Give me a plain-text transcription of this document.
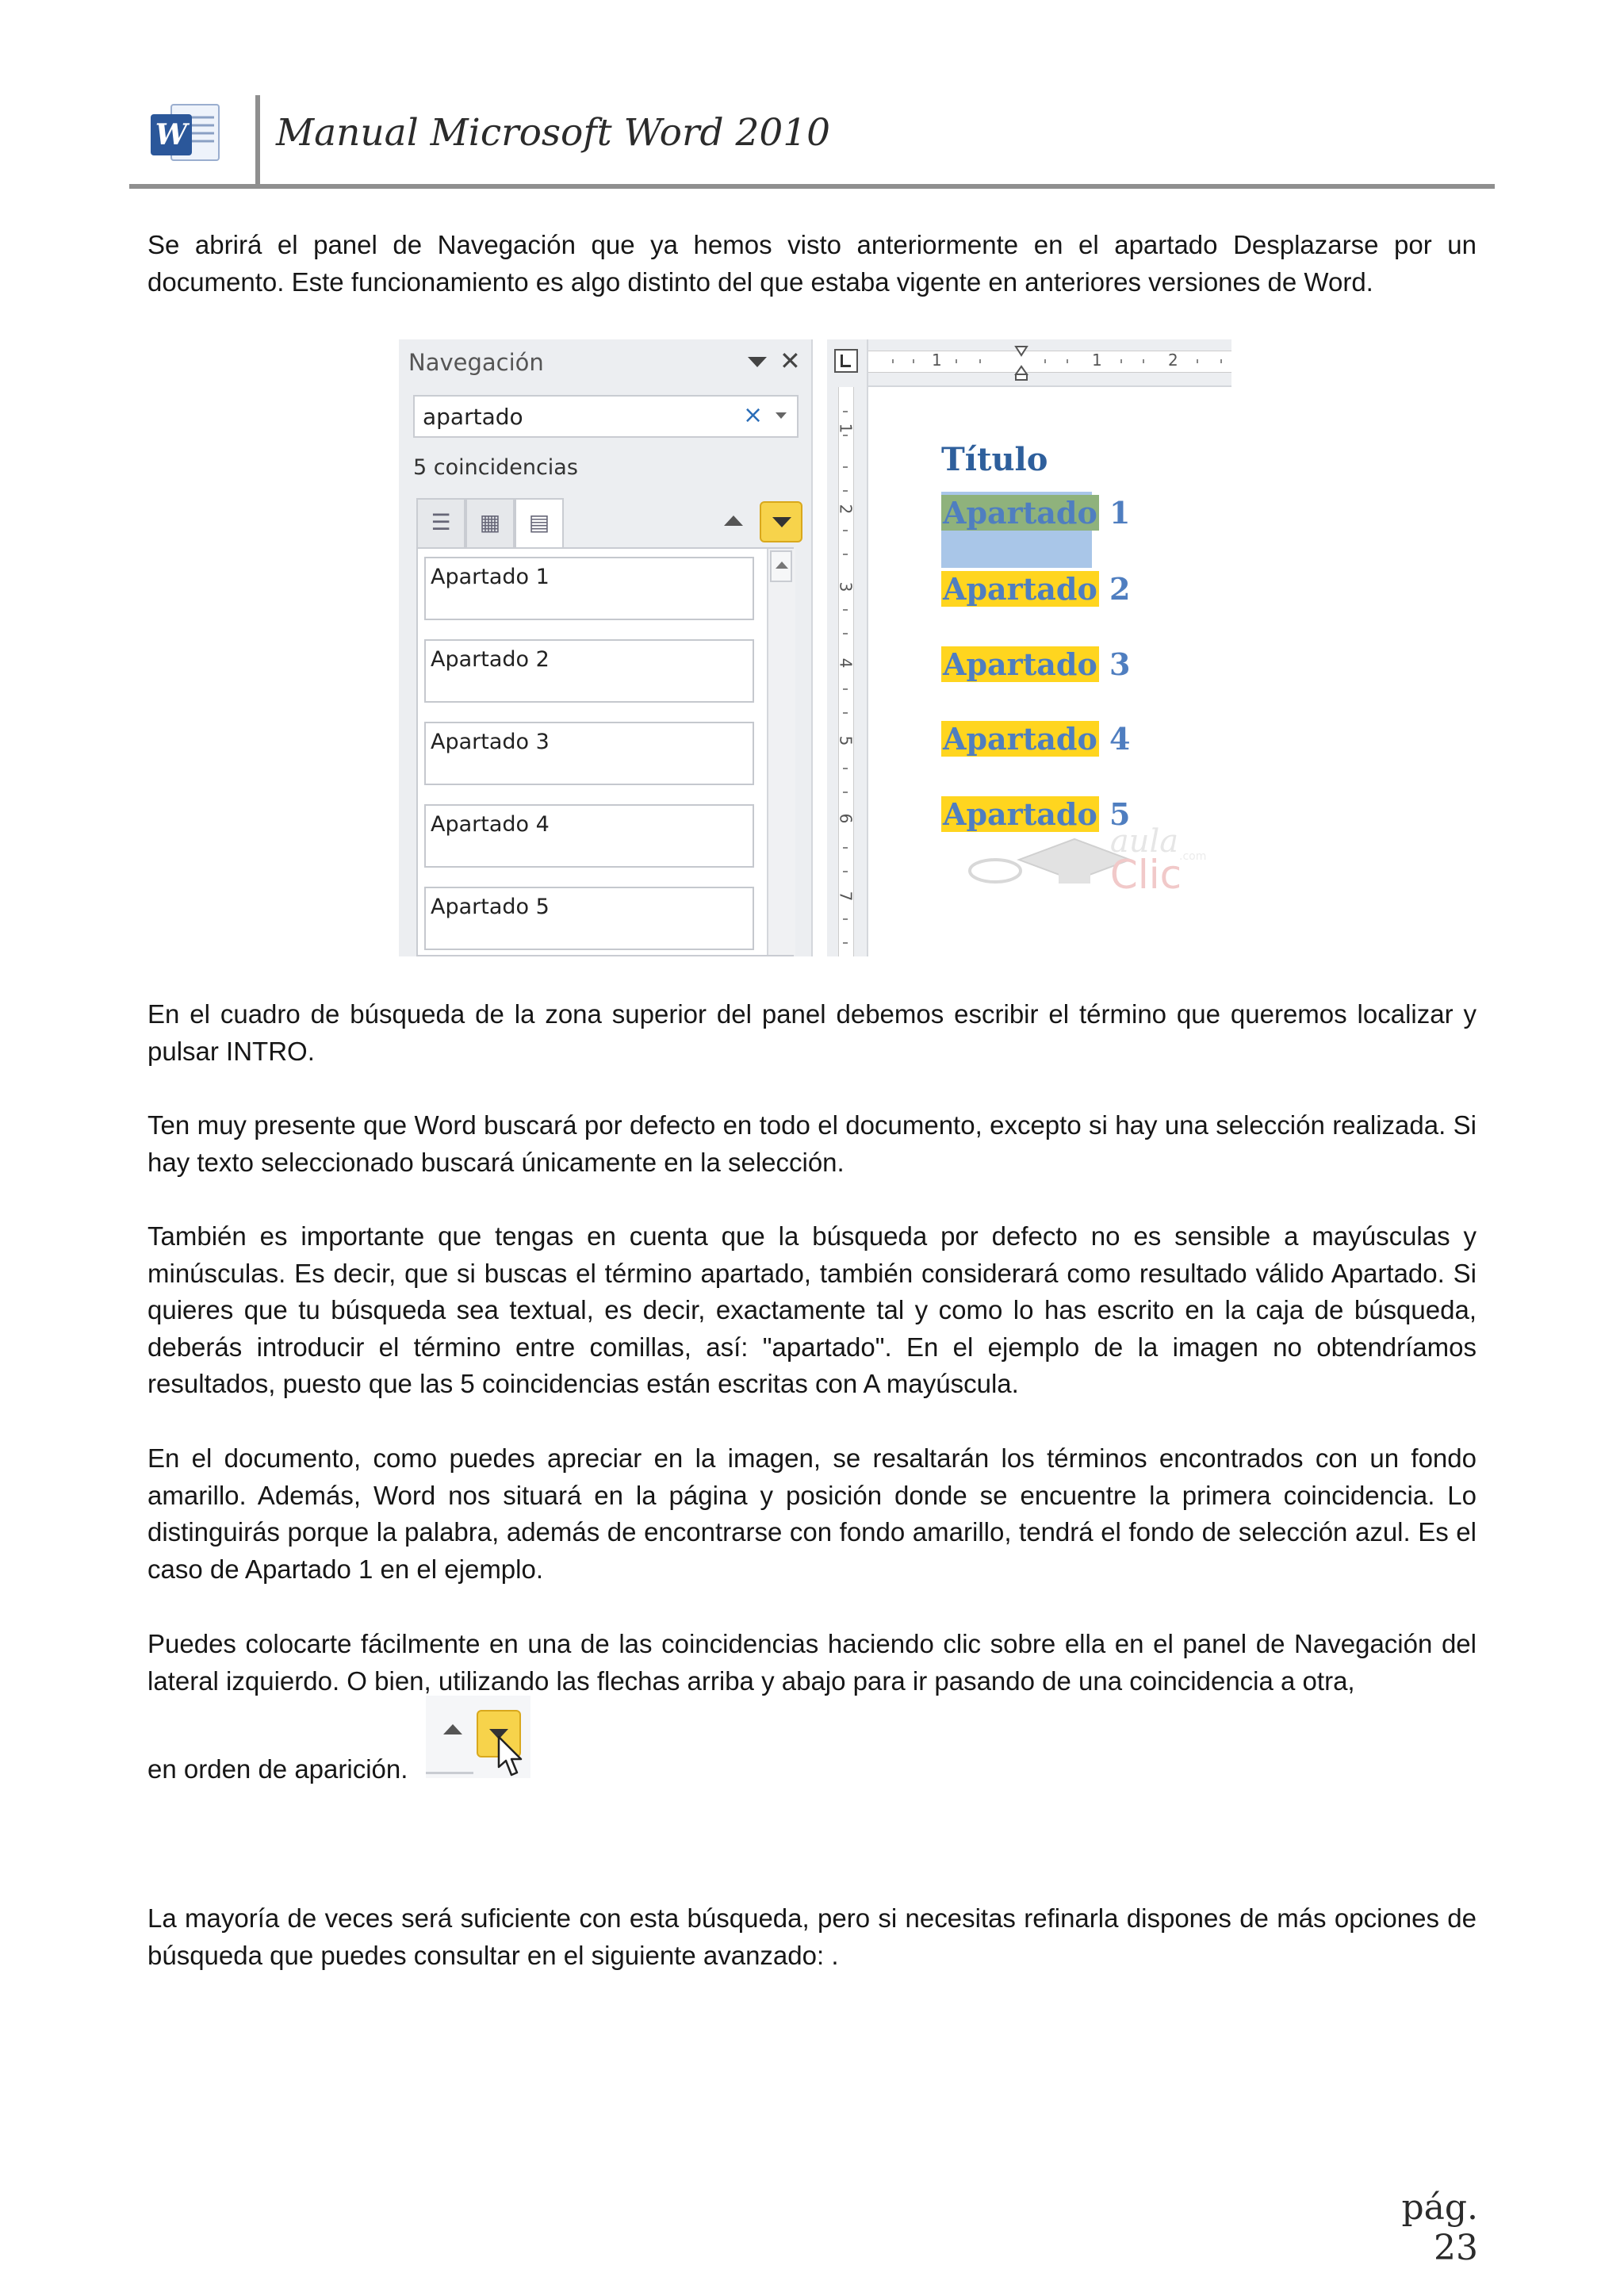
W Manual Microsoft Word 2010
Se abrirá el panel de Navegación que ya hemos visto anteriormente en el apartado Desplazarse por un documento. Este funcionamiento es algo distinto del que estaba vigente en anteriores versiones de Word.
Navegación	✕
apartado	×
5 coincidencias
☰	▦	▤
Apartado 1
Apartado 2
Apartado 3
Apartado 4
Apartado 5
1
2
3
4
5
6
7
1	1	2
Título
Apartado 1
Apartado 2
Apartado 3
Apartado 4
Apartado 5
aula .com
Clic
En el cuadro de búsqueda de la zona superior del panel debemos escribir el término que queremos localizar y pulsar INTRO.
Ten muy presente que Word buscará por defecto en todo el documento, excepto si hay una selección realizada. Si hay texto seleccionado buscará únicamente en la selección.
También es importante que tengas en cuenta que la búsqueda por defecto no es sensible a mayúsculas y minúsculas. Es decir, que si buscas el término apartado, también considerará como resultado válido Apartado. Si quieres que tu búsqueda sea textual, es decir, exactamente tal y como lo has escrito en la caja de búsqueda, deberás introducir el término entre comillas, así: "apartado". En el ejemplo de la imagen no obtendríamos resultados, puesto que las 5 coincidencias están escritas con A mayúscula.
En el documento, como puedes apreciar en la imagen, se resaltarán los términos encontrados con un fondo amarillo. Además, Word nos situará en la página y posición donde se encuentre la primera coincidencia. Lo distinguirás porque la palabra, además de encontrarse con fondo amarillo, tendrá el fondo de selección azul. Es el caso de Apartado 1 en el ejemplo.
Puedes colocarte fácilmente en una de las coincidencias haciendo clic sobre ella en el panel de Navegación del lateral izquierdo. O bien, utilizando las flechas arriba y abajo para ir pasando de una coincidencia a otra,
en orden de aparición.
La mayoría de veces será suficiente con esta búsqueda, pero si necesitas refinarla dispones de más opciones de búsqueda que puedes consultar en el siguiente avanzado: .
pág. 23
